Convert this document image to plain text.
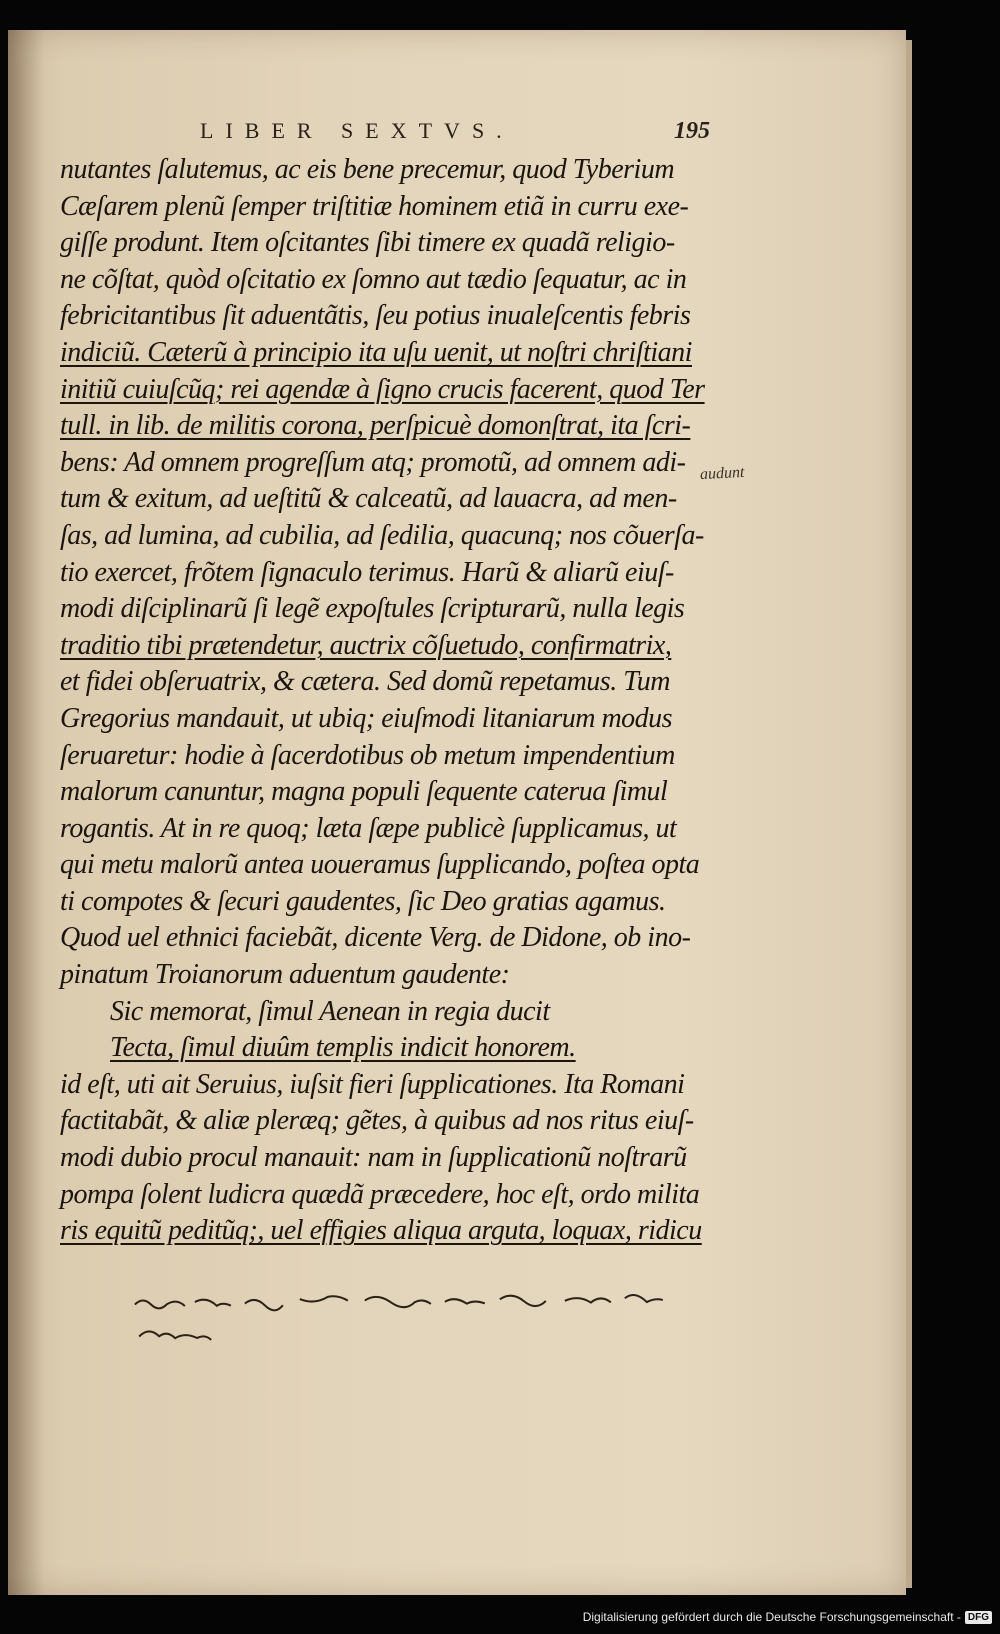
LIBER SEXTVS.	195
nutantes ſalutemus, ac eis bene precemur, quod Tyberium
Cæſarem plenũ ſemper triſtitiæ hominem etiã in curru exe-
giſſe produnt. Item oſcitantes ſibi timere ex quadã religio-
ne cõſtat, quòd oſcitatio ex ſomno aut tædio ſequatur, ac in
febricitantibus ſit aduentãtis, ſeu potius inualeſcentis febris
indiciũ. Cæterũ à principio ita uſu uenit, ut noſtri chriſtiani
initiũ cuiuſcũq; rei agendæ à ſigno crucis facerent, quod Ter
tull. in lib. de militis corona, perſpicuè domonſtrat, ita ſcri-
bens: Ad omnem progreſſum atq; promotũ, ad omnem adi-
tum & exitum, ad ueſtitũ & calceatũ, ad lauacra, ad men-
ſas, ad lumina, ad cubilia, ad ſedilia, quacunq; nos cõuerſa-
tio exercet, frõtem ſignaculo terimus. Harũ & aliarũ eiuſ-
modi diſciplinarũ ſi legẽ expoſtules ſcripturarũ, nulla legis
traditio tibi prætendetur, auctrix cõſuetudo, confirmatrix,
et fidei obſeruatrix, & cætera. Sed domũ repetamus. Tum
Gregorius mandauit, ut ubiq; eiuſmodi litaniarum modus
ſeruaretur: hodie à ſacerdotibus ob metum impendentium
malorum canuntur, magna populi ſequente caterua ſimul
rogantis. At in re quoq; læta ſæpe publicè ſupplicamus, ut
qui metu malorũ antea uoueramus ſupplicando, poſtea opta
ti compotes & ſecuri gaudentes, ſic Deo gratias agamus.
Quod uel ethnici faciebãt, dicente Verg. de Didone, ob ino-
pinatum Troianorum aduentum gaudente:
Sic memorat, ſimul Aenean in regia ducit
Tecta, ſimul diuûm templis indicit honorem.
id eſt, uti ait Seruius, iuſsit fieri ſupplicationes. Ita Romani
factitabãt, & aliæ pleræq; gẽtes, à quibus ad nos ritus eiuſ-
modi dubio procul manauit: nam in ſupplicationũ noſtrarũ
pompa ſolent ludicra quædã præcedere, hoc eſt, ordo milita
ris equitũ peditũq;, uel effigies aliqua arguta, loquax, ridicu
audunt
Digitalisierung gefördert durch die Deutsche Forschungsgemeinschaft - DFG
